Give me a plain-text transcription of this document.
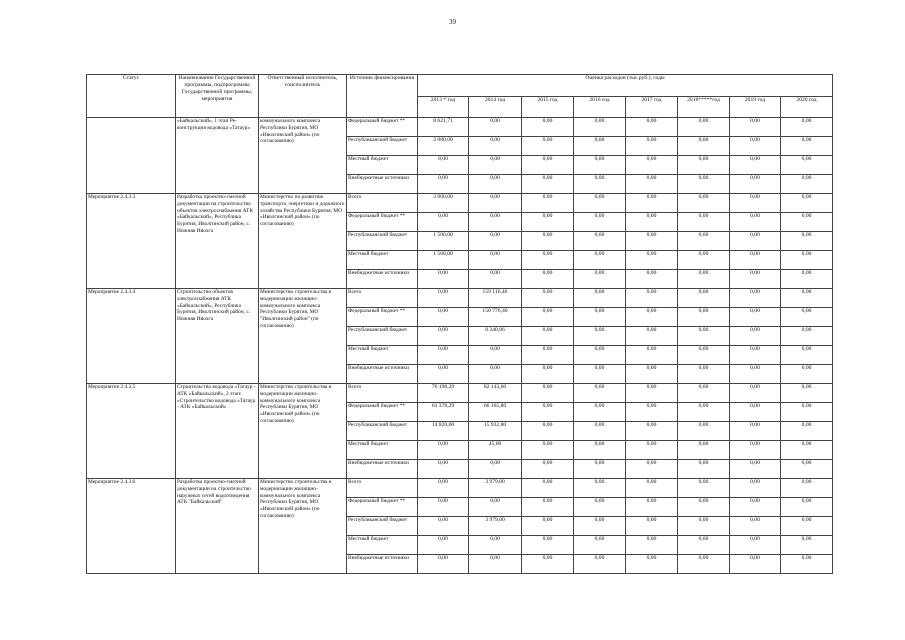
39
Статус	Наименование Государственной программы, подпрограммы Государственной программы, мероприятия	Ответственный исполнитель, соисполнитель	Источник финансирования	Оценка расходов (тыс.руб.), годы							
				2013 * год	2014 год	2015 год	2016 год	2017 год	2018*****год	2019 год	2020 год
	«Байкальский», 1 этап Ре-конструкция водовода «Татаур»	коммунального комплекса Республики Бурятия, МО «Иволгинский район» (по согласованию)	Федеральный бюджет **	8 621,71	0,00	0,00	0,00	0,00	0,00	0,00	0,00
			Республиканский бюджет	2 080,00	0,00	0,00	0,00	0,00	0,00	0,00	0,00
			Местный бюджет	8,00	0,00	0,00	0,00	0,00	0,00	0,00	0,00
			Внебюджетные источники	0,00	0,00	0,00	0,00	0,00	0,00	0,00	0,00
Мероприятие 2.4.3.3	Разработка проектно-сметной документации на строительство объектов электроснабжения АТК «Байкальский», Республика Бурятия, Иволгинский район, с. Нижняя Иволга	Министерство по развитию транспорта, энергетики и дорожного хозяйства Республики Бурятия, МО «Иволгинский район» (по согласованию)	Всего	3 000,00	0,00	0,00	0,00	0,00	0,00	0,00	0,00
			Федеральный бюджет **	0,00	0,00	0,00	0,00	0,00	0,00	0,00	0,00
			Республиканский бюджет	1 500,00	0,00	0,00	0,00	0,00	0,00	0,00	0,00
			Местный бюджет	1 500,00	0,00	0,00	0,00	0,00	0,00	0,00	0,00
			Внебюджетные источники	0,00	0,00	0,00	0,00	0,00	0,00	0,00	0,00
Мероприятие 2.4.3.4	Строительство объектов электроснабжения АТК «Байкальский», Республика Бурятия, Иволгинский район, с. Нижняя Иволга	Министерство строительства и модернизации жилищно-коммунального комплекса Республики Бурятия, МО "Иволгинский район" (по согласованию)	Всего	0,00	159 116,46	0,00	0,00	0,00	0,00	0,00	0,00
			Федеральный бюджет **	0,00	150 776,40	0,00	0,00	0,00	0,00	0,00	0,00
			Республиканский бюджет	0,00	8 340,06	0,00	0,00	0,00	0,00	0,00	0,00
			Местный бюджет	0,00	0,00	0,00	0,00	0,00	0,00	0,00	0,00
			Внебюджетные источники	0,00	0,00	0,00	0,00	0,00	0,00	0,00	0,00
Мероприятие 2.4.3.5	Строительство водовода «Татаур - АТК «Байкальский», 2 этап: «Строительство водовода «Татаур - АТК «Байкальский»	Министерство строительства и модернизации жилищно-коммунального комплекса Республики Бурятия, МО «Иволгинский район» (по согласованию)	Всего	76 198,29	82 143,60	0,00	0,00	0,00	0,00	0,00	0,00
			Федеральный бюджет **	61 378,29	66 165,80	0,00	0,00	0,00	0,00	0,00	0,00
			Республиканский бюджет	14 820,00	15 932,80	0,00	0,00	0,00	0,00	0,00	0,00
			Местный бюджет	0,00	45,00	0,00	0,00	0,00	0,00	0,00	0,00
			Внебюджетные источники	0,00	0,00	0,00	0,00	0,00	0,00	0,00	0,00
Мероприятие 2.4.3.6	Разработка проектно-сметной документации на строительство наружных сетей водоотведения АТК "Байкальский"	Министерство строительства и модернизации жилищно-коммунального комплекса Республики Бурятия, МО «Иволгинский район» (по согласованию)	Всего	0,00	3 979,00	0,00	0,00	0,00	0,00	0,00	0,00
			Федеральный бюджет **	0,00	0,00	0,00	0,00	0,00	0,00	0,00	0,00
			Республиканский бюджет	0,00	3 979,00	0,00	0,00	0,00	0,00	0,00	0,00
			Местный бюджет	0,00	0,00	0,00	0,00	0,00	0,00	0,00	0,00
			Внебюджетные источники	0,00	0,00	0,00	0,00	0,00	0,00	0,00	0,00
